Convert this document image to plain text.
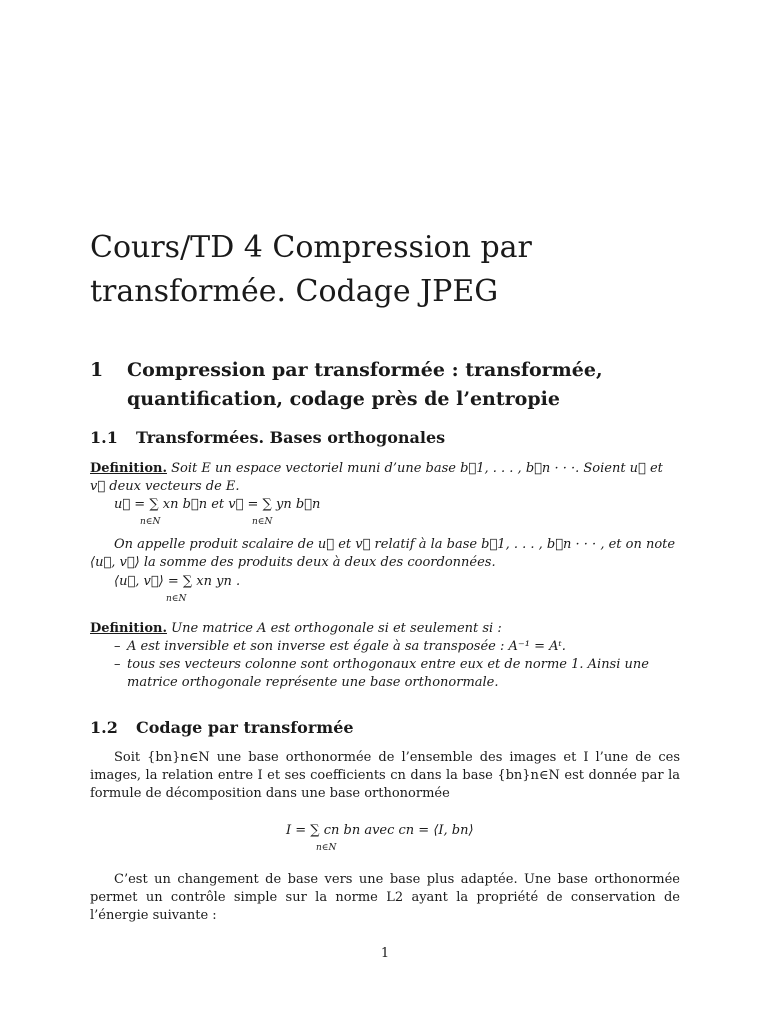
Cours/TD 4 Compression par transformée. Codage JPEG
1 Compression par transformée : transformée, quantification, codage près de l’entropie
1.1 Transformées. Bases orthogonales
Definition. Soit E un espace vectoriel muni d’une base b⃗1, . . . , b⃗n · · ·. Soient u⃗ et v⃗ deux vecteurs de E.
u⃗ = ∑ xn b⃗n et v⃗ = ∑ yn b⃗n
n∈N	n∈N
On appelle produit scalaire de u⃗ et v⃗ relatif à la base b⃗1, . . . , b⃗n · · · , et on note ⟨u⃗, v⃗⟩ la somme des produits deux à deux des coordonnées.
⟨u⃗, v⃗⟩ = ∑ xn yn .
n∈N
Definition. Une matrice A est orthogonale si et seulement si :
– A est inversible et son inverse est égale à sa transposée : A⁻¹ = Aᵗ.
– tous ses vecteurs colonne sont orthogonaux entre eux et de norme 1. Ainsi une matrice orthogonale représente une base orthonormale.
1.2 Codage par transformée
Soit {bn}n∈N une base orthonormée de l’ensemble des images et I l’une de ces images, la relation entre I et ses coefficients cn dans la base {bn}n∈N est donnée par la formule de décomposition dans une base orthonormée
I = ∑ cn bn avec cn = ⟨I, bn⟩
n∈N
C’est un changement de base vers une base plus adaptée. Une base orthonormée permet un contrôle simple sur la norme L2 ayant la propriété de conservation de l’énergie suivante :
1
